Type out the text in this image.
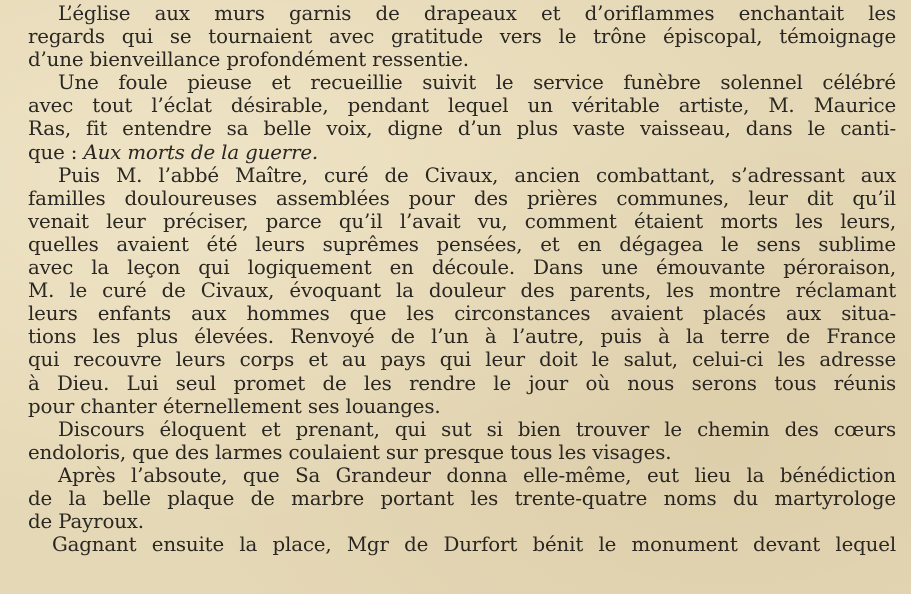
L’église aux murs garnis de drapeaux et d’oriflammes enchantait les
regards qui se tournaient avec gratitude vers le trône épiscopal, témoignage
d’une bienveillance profondément ressentie.
Une foule pieuse et recueillie suivit le service funèbre solennel célébré
avec tout l’éclat désirable, pendant lequel un véritable artiste, M. Maurice
Ras, fit entendre sa belle voix, digne d’un plus vaste vaisseau, dans le canti-
que : Aux morts de la guerre.
Puis M. l’abbé Maître, curé de Civaux, ancien combattant, s’adressant aux
familles douloureuses assemblées pour des prières communes, leur dit qu’il
venait leur préciser, parce qu’il l’avait vu, comment étaient morts les leurs,
quelles avaient été leurs suprêmes pensées, et en dégagea le sens sublime
avec la leçon qui logiquement en découle. Dans une émouvante péroraison,
M. le curé de Civaux, évoquant la douleur des parents, les montre réclamant
leurs enfants aux hommes que les circonstances avaient placés aux situa-
tions les plus élevées. Renvoyé de l’un à l’autre, puis à la terre de France
qui recouvre leurs corps et au pays qui leur doit le salut, celui-ci les adresse
à Dieu. Lui seul promet de les rendre le jour où nous serons tous réunis
pour chanter éternellement ses louanges.
Discours éloquent et prenant, qui sut si bien trouver le chemin des cœurs
endoloris, que des larmes coulaient sur presque tous les visages.
Après l’absoute, que Sa Grandeur donna elle-même, eut lieu la bénédiction
de la belle plaque de marbre portant les trente-quatre noms du martyrologe
de Payroux.
Gagnant ensuite la place, Mgr de Durfort bénit le monument devant lequel
